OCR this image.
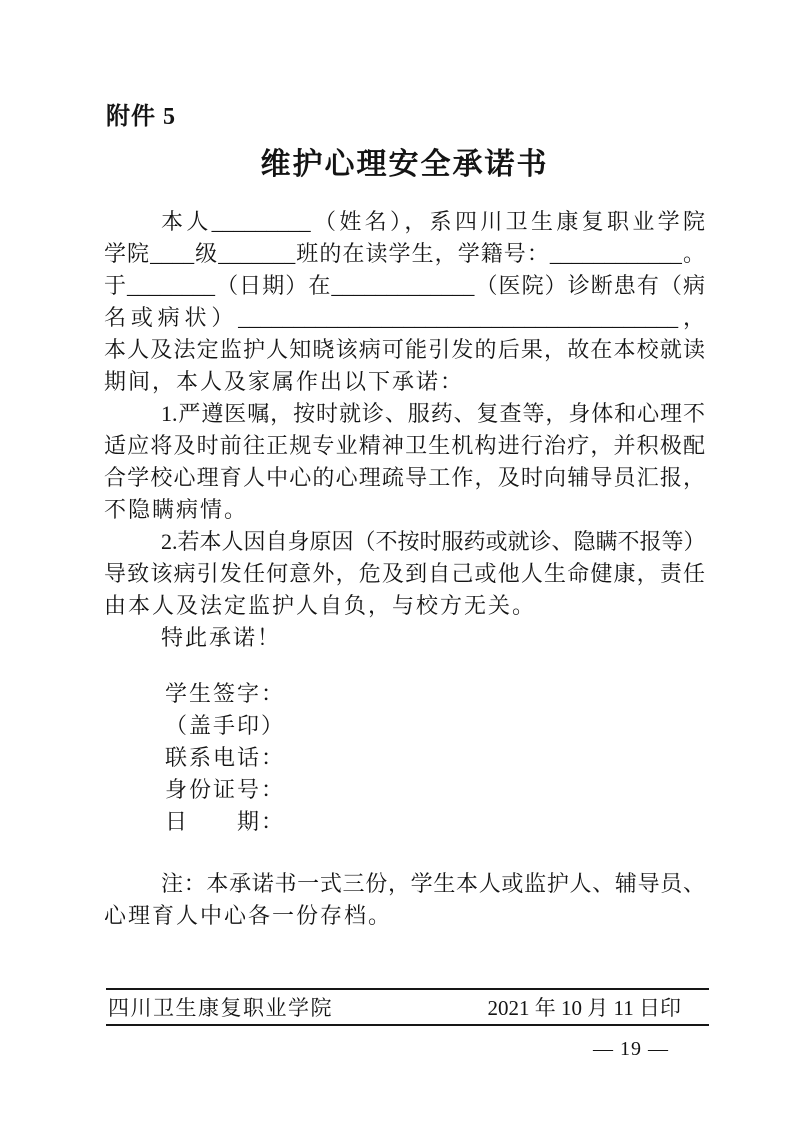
附件 5
维护心理安全承诺书
本人_________（姓名），系四川卫生康复职业学院
学院____级_______班的在读学生，学籍号：____________。
于________（日期）在_____________（医院）诊断患有（病
名或病状）________________________________________，
本人及法定监护人知晓该病可能引发的后果，故在本校就读
期间，本人及家属作出以下承诺：
1.严遵医嘱，按时就诊、服药、复查等，身体和心理不
适应将及时前往正规专业精神卫生机构进行治疗，并积极配
合学校心理育人中心的心理疏导工作，及时向辅导员汇报，
不隐瞒病情。
2.若本人因自身原因（不按时服药或就诊、隐瞒不报等）
导致该病引发任何意外，危及到自己或他人生命健康，责任
由本人及法定监护人自负，与校方无关。
特此承诺！
学生签字：
（盖手印）
联系电话：
身份证号：
日　　期：
注：本承诺书一式三份，学生本人或监护人、辅导员、
心理育人中心各一份存档。
四川卫生康复职业学院	2021 年 10 月 11 日印
— 19 —
